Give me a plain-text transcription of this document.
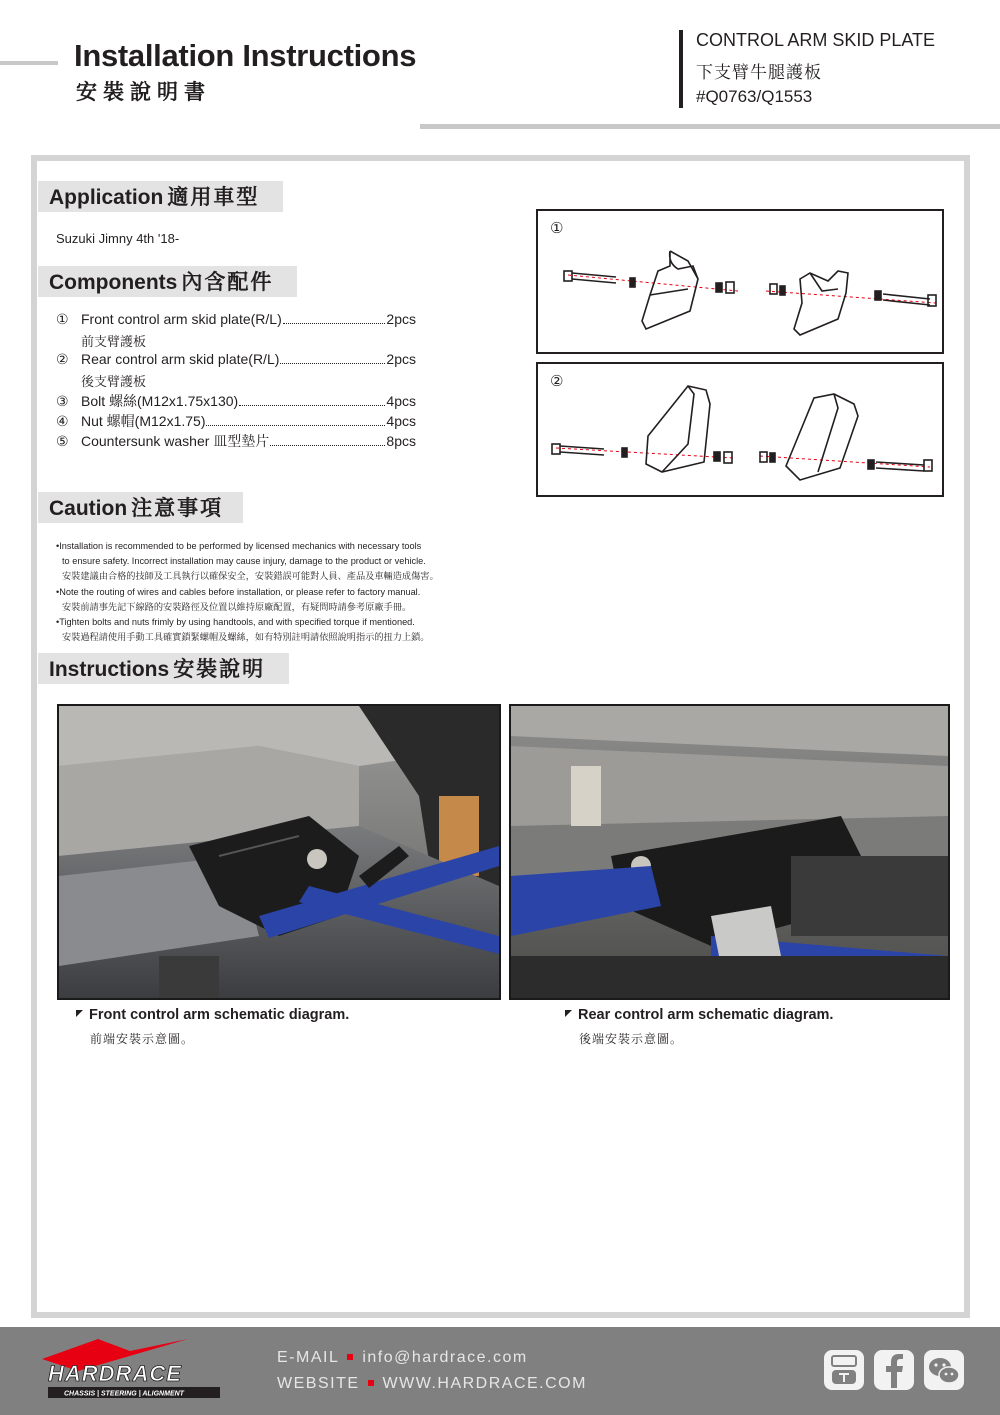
Installation Instructions
安裝說明書
CONTROL ARM SKID PLATE
下支臂牛腿護板
#Q0763/Q1553
Application 適用車型
Suzuki Jimny 4th '18-
Components 內含配件
① Front control arm skid plate(R/L)	2pcs
前支臂護板
② Rear control arm skid plate(R/L)	2pcs
後支臂護板
③ Bolt 螺絲(M12x1.75x130)	4pcs
④ Nut 螺帽(M12x1.75)	4pcs
⑤ Countersunk washer 皿型墊片	8pcs
①
②
Caution 注意事項
•Installation is recommended to be performed by licensed mechanics with necessary tools
to ensure safety. Incorrect installation may cause injury, damage to the product or vehicle.
安裝建議由合格的技師及工具執行以確保安全，安裝錯誤可能對人員、產品及車輛造成傷害。
•Note the routing of wires and cables before installation, or please refer to factory manual.
安裝前請事先記下線路的安裝路徑及位置以維持原廠配置，有疑問時請參考原廠手冊。
•Tighten bolts and nuts frimly by using handtools, and with specified torque if mentioned.
安裝過程請使用手動工具確實鎖緊螺帽及螺絲，如有特別註明請依照說明指示的扭力上鎖。
Instructions 安裝說明
Front control arm schematic diagram.
前端安裝示意圖。
Rear control arm schematic diagram.
後端安裝示意圖。
HARDRACE
CHASSIS | STEERING | ALIGNMENT
E-MAIL info@hardrace.com
WEBSITE WWW.HARDRACE.COM
